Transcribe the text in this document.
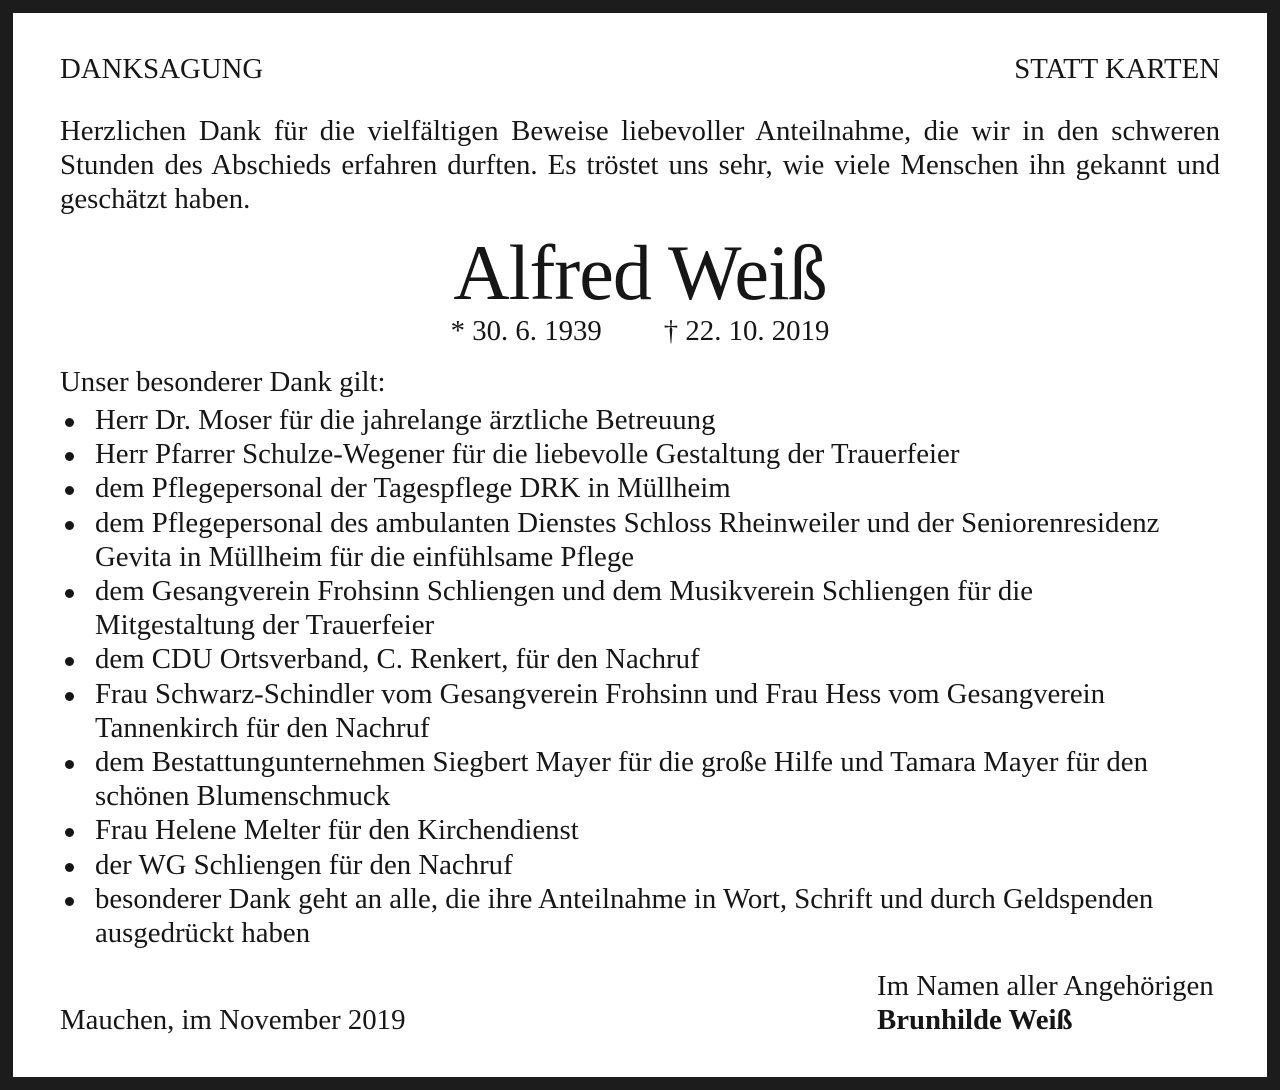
DANKSAGUNG	STATT KARTEN
Herzlichen Dank für die vielfältigen Beweise liebevoller Anteilnahme, die wir in den schweren
Stunden des Abschieds erfahren durften. Es tröstet uns sehr, wie viele Menschen ihn gekannt und
geschätzt haben.
Alfred Weiß
* 30. 6. 1939 † 22. 10. 2019
Unser besonderer Dank gilt:
Herr Dr. Moser für die jahrelange ärztliche Betreuung
Herr Pfarrer Schulze-Wegener für die liebevolle Gestaltung der Trauerfeier
dem Pflegepersonal der Tagespflege DRK in Müllheim
dem Pflegepersonal des ambulanten Dienstes Schloss Rheinweiler und der Seniorenresidenz
Gevita in Müllheim für die einfühlsame Pflege
dem Gesangverein Frohsinn Schliengen und dem Musikverein Schliengen für die
Mitgestaltung der Trauerfeier
dem CDU Ortsverband, C. Renkert, für den Nachruf
Frau Schwarz-Schindler vom Gesangverein Frohsinn und Frau Hess vom Gesangverein
Tannenkirch für den Nachruf
dem Bestattungunternehmen Siegbert Mayer für die große Hilfe und Tamara Mayer für den
schönen Blumenschmuck
Frau Helene Melter für den Kirchendienst
der WG Schliengen für den Nachruf
besonderer Dank geht an alle, die ihre Anteilnahme in Wort, Schrift und durch Geldspenden
ausgedrückt haben
Im Namen aller Angehörigen
Mauchen, im November 2019	Brunhilde Weiß
